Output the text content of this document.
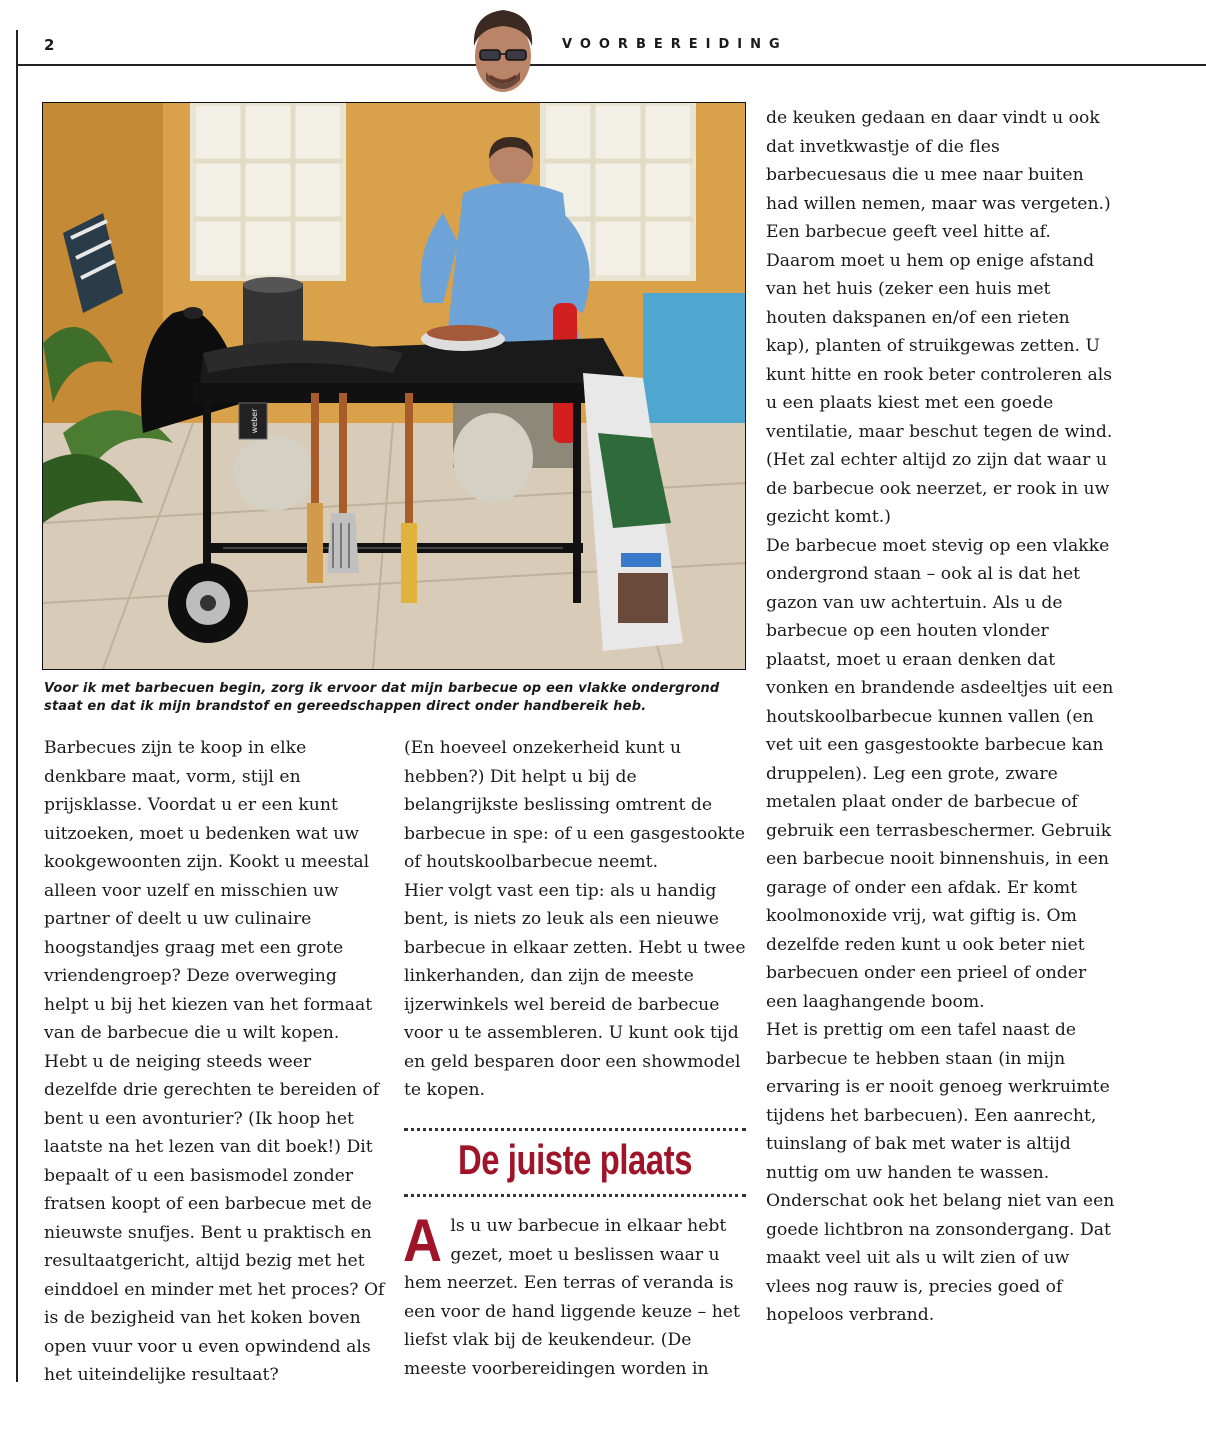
2	VOORBEREIDING
weber
Voor ik met barbecuen begin, zorg ik ervoor dat mijn barbecue op een vlakke ondergrond staat en dat ik mijn brandstof en gereedschappen direct onder handbereik heb.

Barbecues zijn te koop in elke denkbare maat, vorm, stijl en prijsklasse. Voordat u er een kunt uitzoeken, moet u bedenken wat uw kookgewoonten zijn. Kookt u meestal alleen voor uzelf en misschien uw partner of deelt u uw culinaire hoogstandjes graag met een grote vriendengroep? Deze overweging helpt u bij het kiezen van het formaat van de barbecue die u wilt kopen. Hebt u de neiging steeds weer dezelfde drie gerechten te bereiden of bent u een avonturier? (Ik hoop het laatste na het lezen van dit boek!) Dit bepaalt of u een basismodel zonder fratsen koopt of een barbecue met de nieuwste snufjes. Bent u praktisch en resultaatgericht, altijd bezig met het einddoel en minder met het proces? Of is de bezigheid van het koken boven open vuur voor u even opwindend als het uiteindelijke resultaat?

(En hoeveel onzekerheid kunt u hebben?) Dit helpt u bij de belangrijkste beslissing omtrent de barbecue in spe: of u een gasgestookte of houtskoolbarbecue neemt.

Hier volgt vast een tip: als u handig bent, is niets zo leuk als een nieuwe barbecue in elkaar zetten. Hebt u twee linkerhanden, dan zijn de meeste ijzerwinkels wel bereid de barbecue voor u te assembleren. U kunt ook tijd en geld besparen door een showmodel te kopen.

De juiste plaats

Als u uw barbecue in elkaar hebt gezet, moet u beslissen waar u hem neerzet. Een terras of veranda is een voor de hand liggende keuze – het liefst vlak bij de keukendeur. (De meeste voorbereidingen worden in

de keuken gedaan en daar vindt u ook dat invetkwastje of die fles barbecuesaus die u mee naar buiten had willen nemen, maar was vergeten.)

Een barbecue geeft veel hitte af. Daarom moet u hem op enige afstand van het huis (zeker een huis met houten dakspanen en/of een rieten kap), planten of struikgewas zetten. U kunt hitte en rook beter controleren als u een plaats kiest met een goede ventilatie, maar beschut tegen de wind. (Het zal echter altijd zo zijn dat waar u de barbecue ook neerzet, er rook in uw gezicht komt.)

De barbecue moet stevig op een vlakke ondergrond staan – ook al is dat het gazon van uw achtertuin. Als u de barbecue op een houten vlonder plaatst, moet u eraan denken dat vonken en brandende asdeeltjes uit een houtskoolbarbecue kunnen vallen (en vet uit een gasgestookte barbecue kan druppelen). Leg een grote, zware metalen plaat onder de barbecue of gebruik een terrasbeschermer. Gebruik een barbecue nooit binnenshuis, in een garage of onder een afdak. Er komt koolmonoxide vrij, wat giftig is. Om dezelfde reden kunt u ook beter niet barbecuen onder een prieel of onder een laaghangende boom.

Het is prettig om een tafel naast de barbecue te hebben staan (in mijn ervaring is er nooit genoeg werkruimte tijdens het barbecuen). Een aanrecht, tuinslang of bak met water is altijd nuttig om uw handen te wassen. Onderschat ook het belang niet van een goede lichtbron na zonsondergang. Dat maakt veel uit als u wilt zien of uw vlees nog rauw is, precies goed of hopeloos verbrand.
